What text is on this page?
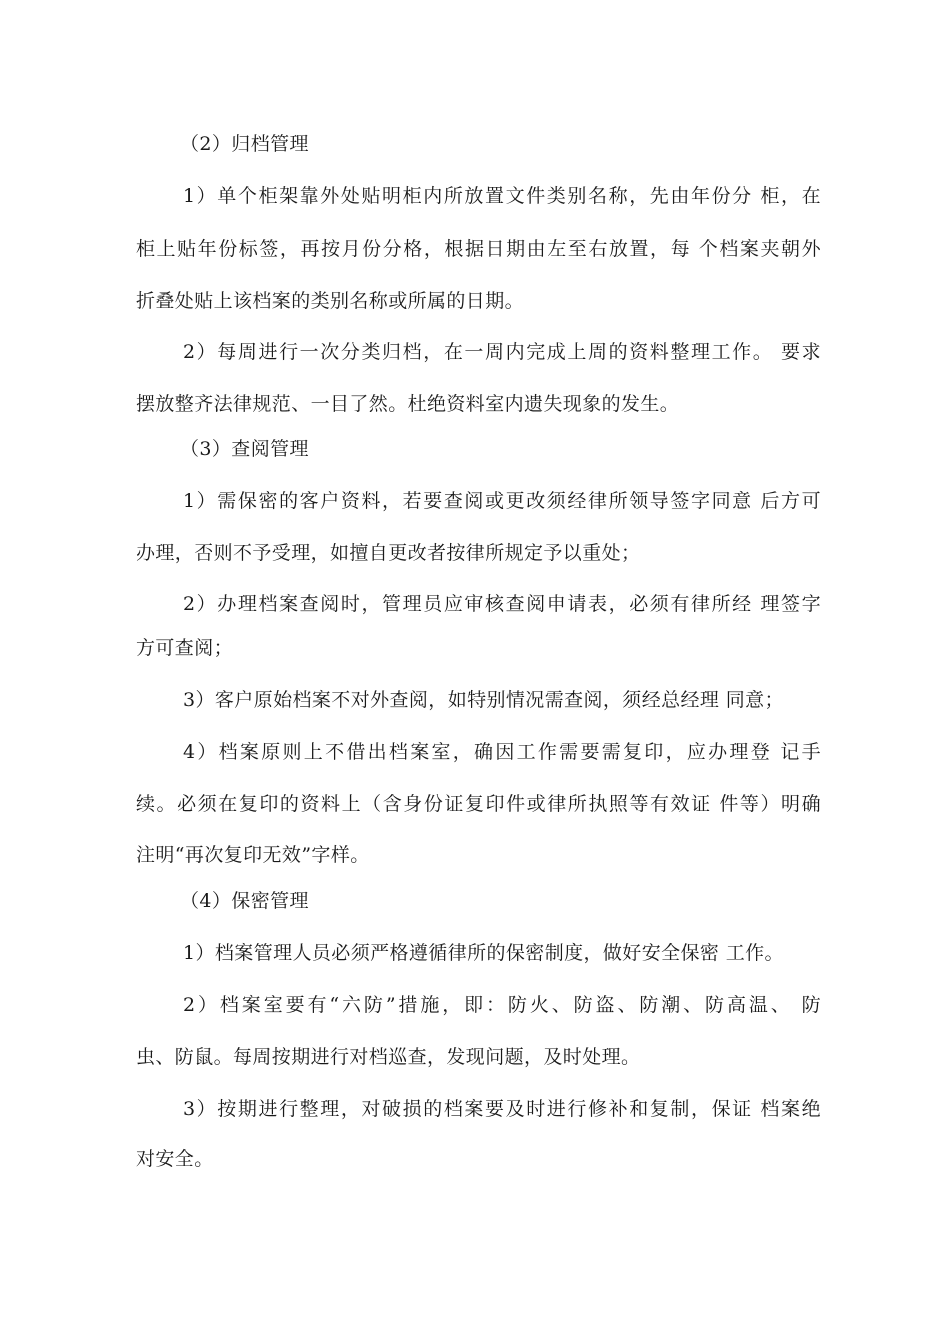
（2）归档管理
1）单个柜架靠外处贴明柜内所放置文件类别名称，先由年份分 柜，在
柜上贴年份标签，再按月份分格，根据日期由左至右放置，每 个档案夹朝外
折叠处贴上该档案的类别名称或所属的日期。
2）每周进行一次分类归档，在一周内完成上周的资料整理工作。 要求
摆放整齐法律规范、一目了然。杜绝资料室内遗失现象的发生。
（3）查阅管理
1）需保密的客户资料，若要查阅或更改须经律所领导签字同意 后方可
办理，否则不予受理，如擅自更改者按律所规定予以重处；
2）办理档案查阅时，管理员应审核查阅申请表，必须有律所经 理签字
方可查阅；
3）客户原始档案不对外查阅，如特别情况需查阅，须经总经理 同意；
4）档案原则上不借出档案室，确因工作需要需复印，应办理登 记手
续。必须在复印的资料上（含身份证复印件或律所执照等有效证 件等）明确
注明“再次复印无效”字样。
（4）保密管理
1）档案管理人员必须严格遵循律所的保密制度，做好安全保密 工作。
2）档案室要有“六防”措施，即：防火、防盗、防潮、防高温、 防
虫、防鼠。每周按期进行对档巡查，发现问题，及时处理。
3）按期进行整理，对破损的档案要及时进行修补和复制，保证 档案绝
对安全。
